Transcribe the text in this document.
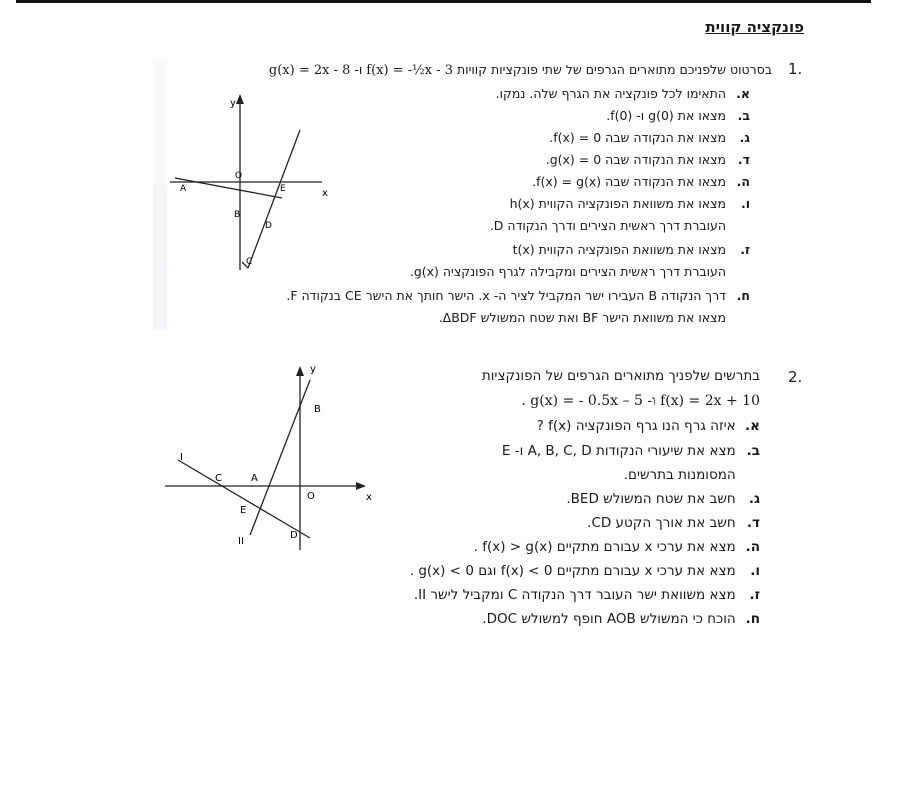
פונקציה קווית
1.
בסרטוט שלפניכם מתוארים הגרפים של שתי פונקציות קוויות f(x) = -½x - 3 ו- g(x) = 2x - 8
א. התאימו לכל פונקציה את הגרף שלה. נמקו.
ב. מצאו את g(0) ו- f(0).
ג. מצאו את הנקודה שבה f(x) = 0.
ד. מצאו את הנקודה שבה g(x) = 0.
ה. מצאו את הנקודה שבה f(x) = g(x).
ו. מצאו את משוואת הפונקציה הקווית h(x)
העוברת דרך ראשית הצירים ודרך הנקודה D.
ז. מצאו את משוואת הפונקציה הקווית t(x)
העוברת דרך ראשית הצירים ומקבילה לגרף הפונקציה g(x).
ח. דרך הנקודה B העבירו ישר המקביל לציר ה- x. הישר חותך את הישר CE בנקודה F.
מצאו את משוואת הישר BF ואת שטח המשולש ΔBDF.
y
x
O
A
B
C
D
E
2.
בתרשים שלפניך מתוארים הגרפים של הפונקציות
. g(x) = - 0.5x – 5 -ו f(x) = 2x + 10
א. איזה גרף הנו גרף הפונקציה f(x) ?
ב. מצא את שיעורי הנקודות A, B, C, D ו- E
המסומנות בתרשים.
ג. חשב את שטח המשולש BED.
ד. חשב את אורך הקטע CD.
ה. מצא את ערכי x עבורם מתקיים f(x) > g(x) .
ו. מצא את ערכי x עבורם מתקיים f(x) < 0 וגם g(x) < 0 .
ז. מצא משוואת ישר העובר דרך הנקודה C ומקביל לישר II.
ח. הוכח כי המשולש AOB חופף למשולש DOC.
y
x
O
A
B
C
D
E
I
II
